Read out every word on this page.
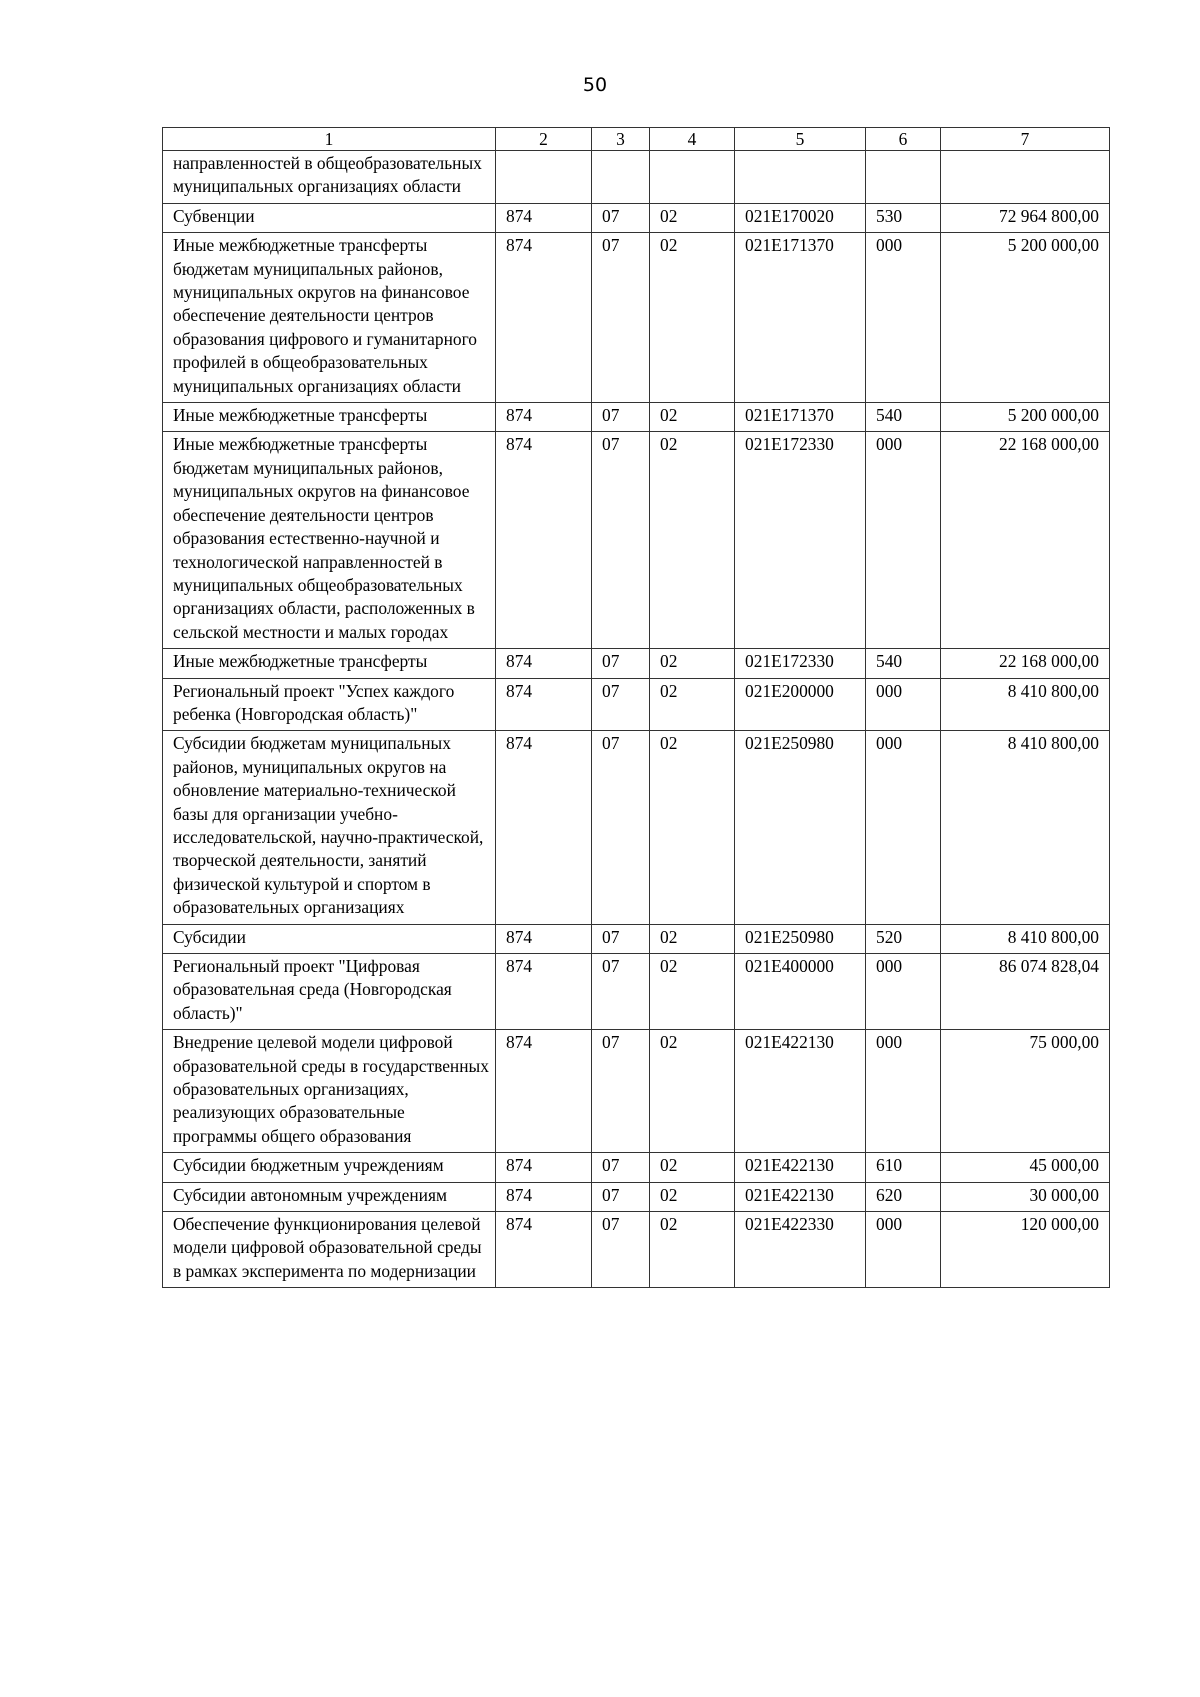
50
1	2	3	4	5	6	7
направленностей в общеобразовательных муниципальных организациях области						
Субвенции	874	07	02	021E170020	530	72 964 800,00
Иные межбюджетные трансферты бюджетам муниципальных районов, муниципальных округов на финансовое обеспечение деятельности центров образования цифрового и гуманитарного профилей в общеобразовательных муниципальных организациях области	874	07	02	021E171370	000	5 200 000,00
Иные межбюджетные трансферты	874	07	02	021E171370	540	5 200 000,00
Иные межбюджетные трансферты бюджетам муниципальных районов, муниципальных округов на финансовое обеспечение деятельности центров образования естественно-научной и технологической направленностей в муниципальных общеобразовательных организациях области, расположенных в сельской местности и малых городах	874	07	02	021E172330	000	22 168 000,00
Иные межбюджетные трансферты	874	07	02	021E172330	540	22 168 000,00
Региональный проект "Успех каждого ребенка (Новгородская область)"	874	07	02	021E200000	000	8 410 800,00
Субсидии бюджетам муниципальных районов, муниципальных округов на обновление материально-технической базы для организации учебно-исследовательской, научно-практической, творческой деятельности, занятий физической культурой и спортом в образовательных организациях	874	07	02	021E250980	000	8 410 800,00
Субсидии	874	07	02	021E250980	520	8 410 800,00
Региональный проект "Цифровая образовательная среда (Новгородская область)"	874	07	02	021E400000	000	86 074 828,04
Внедрение целевой модели цифровой образовательной среды в государственных образовательных организациях, реализующих образовательные программы общего образования	874	07	02	021E422130	000	75 000,00
Субсидии бюджетным учреждениям	874	07	02	021E422130	610	45 000,00
Субсидии автономным учреждениям	874	07	02	021E422130	620	30 000,00
Обеспечение функционирования целевой модели цифровой образовательной среды в рамках эксперимента по модернизации	874	07	02	021E422330	000	120 000,00
